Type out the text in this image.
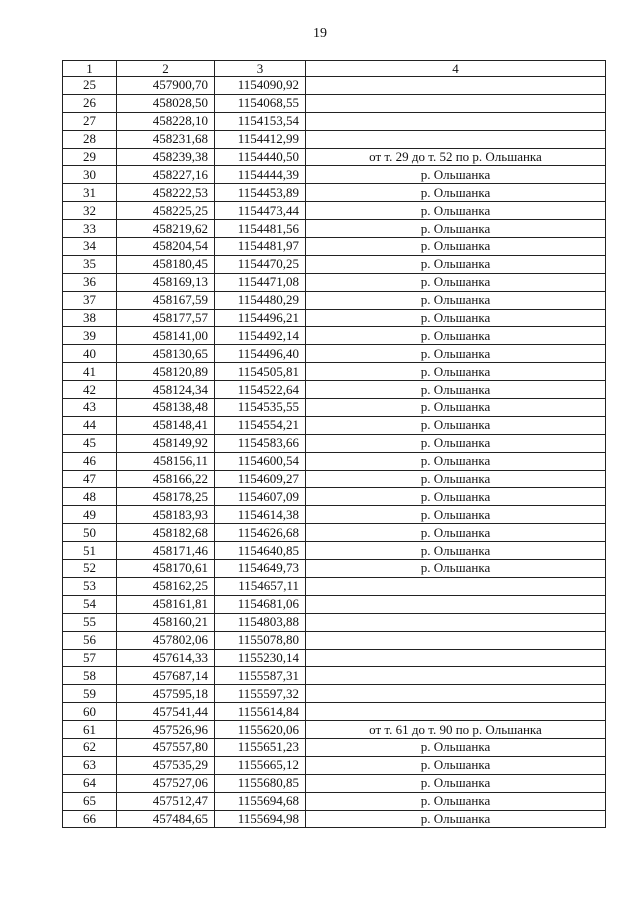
19
1	2	3	4
25	457900,70	1154090,92	
26	458028,50	1154068,55	
27	458228,10	1154153,54	
28	458231,68	1154412,99	
29	458239,38	1154440,50	от т. 29 до т. 52 по р. Ольшанка
30	458227,16	1154444,39	р. Ольшанка
31	458222,53	1154453,89	р. Ольшанка
32	458225,25	1154473,44	р. Ольшанка
33	458219,62	1154481,56	р. Ольшанка
34	458204,54	1154481,97	р. Ольшанка
35	458180,45	1154470,25	р. Ольшанка
36	458169,13	1154471,08	р. Ольшанка
37	458167,59	1154480,29	р. Ольшанка
38	458177,57	1154496,21	р. Ольшанка
39	458141,00	1154492,14	р. Ольшанка
40	458130,65	1154496,40	р. Ольшанка
41	458120,89	1154505,81	р. Ольшанка
42	458124,34	1154522,64	р. Ольшанка
43	458138,48	1154535,55	р. Ольшанка
44	458148,41	1154554,21	р. Ольшанка
45	458149,92	1154583,66	р. Ольшанка
46	458156,11	1154600,54	р. Ольшанка
47	458166,22	1154609,27	р. Ольшанка
48	458178,25	1154607,09	р. Ольшанка
49	458183,93	1154614,38	р. Ольшанка
50	458182,68	1154626,68	р. Ольшанка
51	458171,46	1154640,85	р. Ольшанка
52	458170,61	1154649,73	р. Ольшанка
53	458162,25	1154657,11	
54	458161,81	1154681,06	
55	458160,21	1154803,88	
56	457802,06	1155078,80	
57	457614,33	1155230,14	
58	457687,14	1155587,31	
59	457595,18	1155597,32	
60	457541,44	1155614,84	
61	457526,96	1155620,06	от т. 61 до т. 90 по р. Ольшанка
62	457557,80	1155651,23	р. Ольшанка
63	457535,29	1155665,12	р. Ольшанка
64	457527,06	1155680,85	р. Ольшанка
65	457512,47	1155694,68	р. Ольшанка
66	457484,65	1155694,98	р. Ольшанка
